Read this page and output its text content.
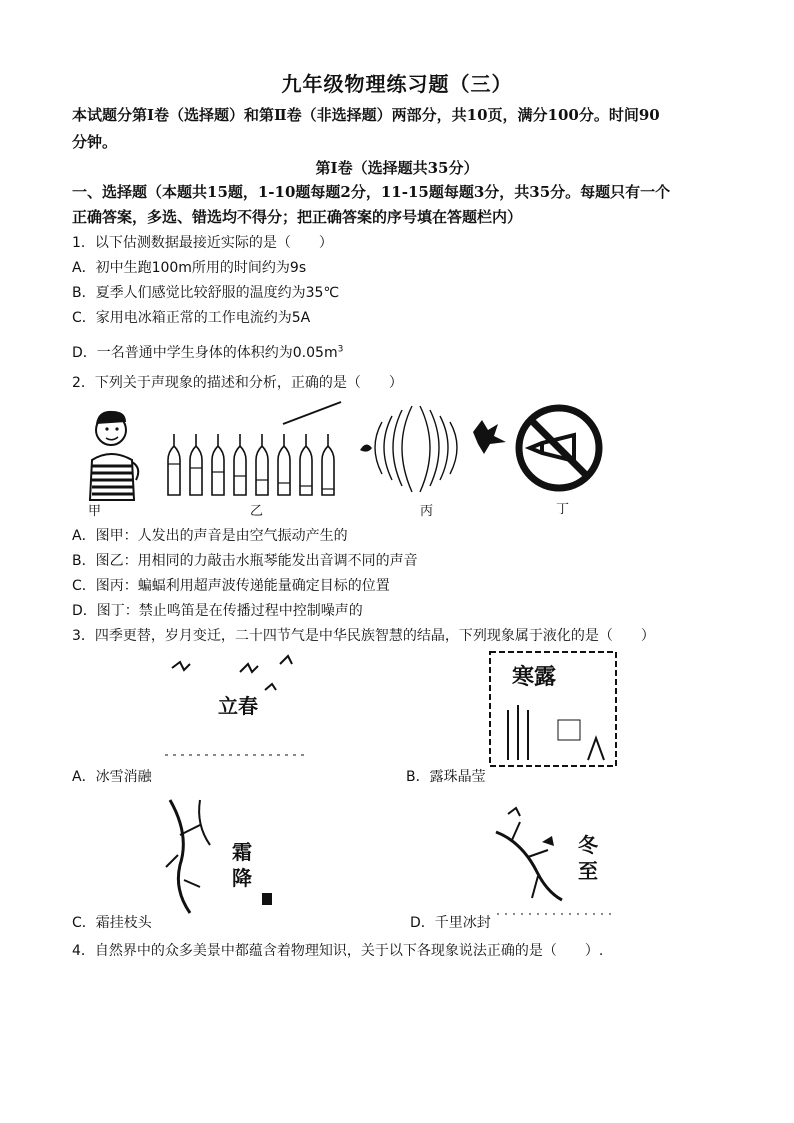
九年级物理练习题（三）
本试题分第Ⅰ卷（选择题）和第Ⅱ卷（非选择题）两部分，共10页，满分100分。时间90
分钟。
第Ⅰ卷（选择题共35分）
一、选择题（本题共15题，1-10题每题2分，11-15题每题3分，共35分。每题只有一个
正确答案，多选、错选均不得分；把正确答案的序号填在答题栏内）
1．以下估测数据最接近实际的是（　　）
A．初中生跑100m所用的时间约为9s
B．夏季人们感觉比较舒服的温度约为35℃
C．家用电冰箱正常的工作电流约为5A
D．一名普通中学生身体的体积约为$0.05m^3$
2．下列关于声现象的描述和分析，正确的是（　　）
甲	乙	丙	丁
A．图甲：人发出的声音是由空气振动产生的
B．图乙：用相同的力敲击水瓶琴能发出音调不同的声音
C．图丙：蝙蝠利用超声波传递能量确定目标的位置
D．图丁：禁止鸣笛是在传播过程中控制噪声的
3．四季更替，岁月变迁，二十四节气是中华民族智慧的结晶，下列现象属于液化的是（　　）
立春
A．冰雪消融
寒露
B．露珠晶莹
霜降
C．霜挂枝头
冬至
D．千里冰封
4．自然界中的众多美景中都蕴含着物理知识，关于以下各现象说法正确的是（　　）.
